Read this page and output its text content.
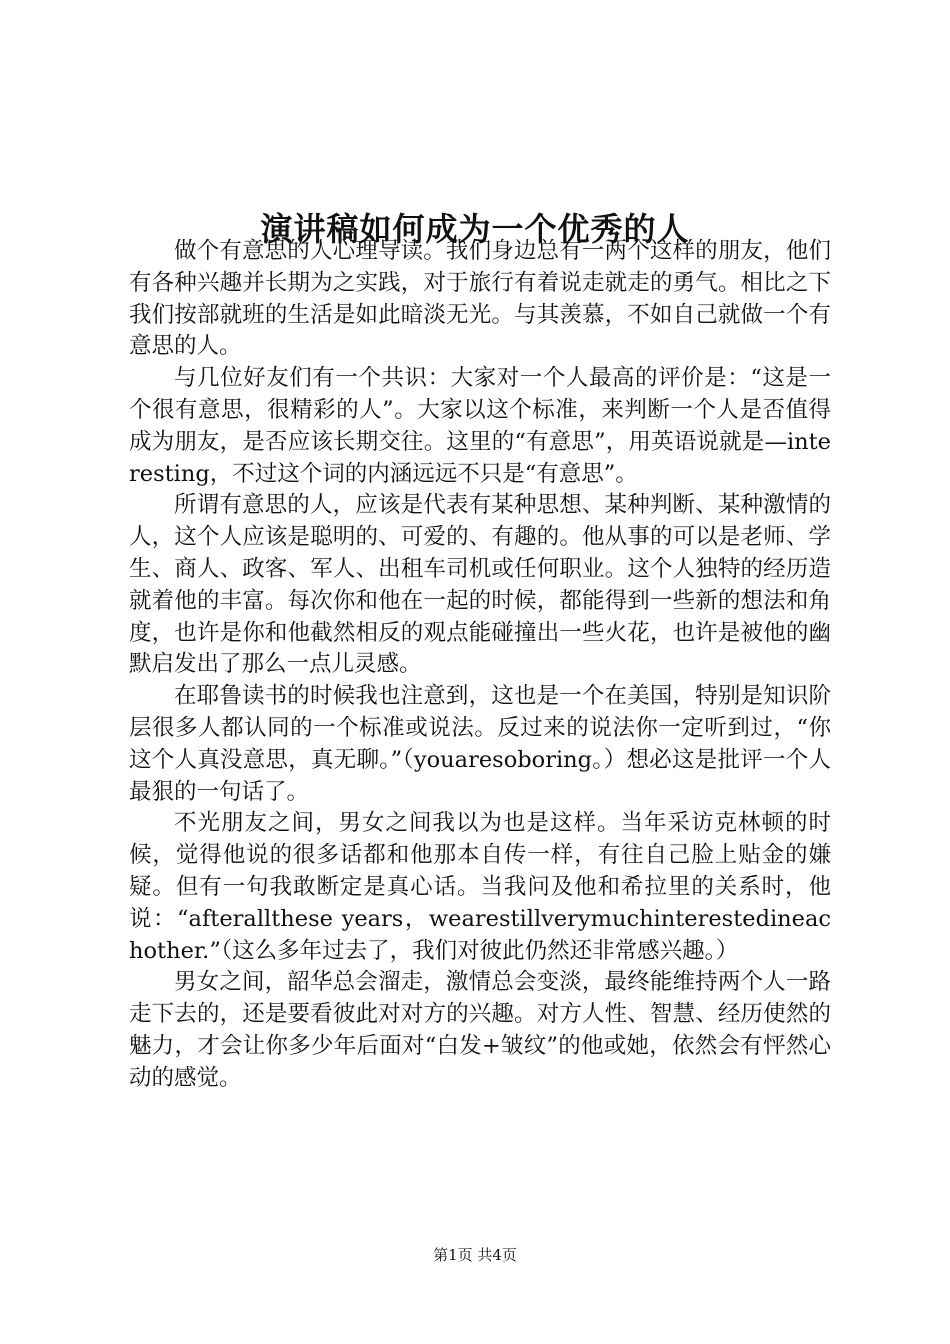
演讲稿如何成为一个优秀的人

做个有意思的人心理导读。我们身边总有一两个这样的朋友，他们有各种兴趣并长期为之实践，对于旅行有着说走就走的勇气。相比之下我们按部就班的生活是如此暗淡无光。与其羡慕，不如自己就做一个有意思的人。

与几位好友们有一个共识：大家对一个人最高的评价是：“这是一个很有意思，很精彩的人”。大家以这个标准，来判断一个人是否值得成为朋友，是否应该长期交往。这里的“有意思”，用英语说就是—interesting，不过这个词的内涵远远不只是“有意思”。

所谓有意思的人，应该是代表有某种思想、某种判断、某种激情的人，这个人应该是聪明的、可爱的、有趣的。他从事的可以是老师、学生、商人、政客、军人、出租车司机或任何职业。这个人独特的经历造就着他的丰富。每次你和他在一起的时候，都能得到一些新的想法和角度，也许是你和他截然相反的观点能碰撞出一些火花，也许是被他的幽默启发出了那么一点儿灵感。

在耶鲁读书的时候我也注意到，这也是一个在美国，特别是知识阶层很多人都认同的一个标准或说法。反过来的说法你一定听到过，“你这个人真没意思，真无聊。”（youaresoboring。）想必这是批评一个人最狠的一句话了。

不光朋友之间，男女之间我以为也是这样。当年采访克林顿的时候，觉得他说的很多话都和他那本自传一样，有往自己脸上贴金的嫌疑。但有一句我敢断定是真心话。当我问及他和希拉里的关系时，他说：“afterallthese years，wearestillverymuchinterestedineachother.”（这么多年过去了，我们对彼此仍然还非常感兴趣。）

男女之间，韶华总会溜走，激情总会变淡，最终能维持两个人一路走下去的，还是要看彼此对对方的兴趣。对方人性、智慧、经历使然的魅力，才会让你多少年后面对“白发+皱纹”的他或她，依然会有怦然心动的感觉。

第1页 共4页
